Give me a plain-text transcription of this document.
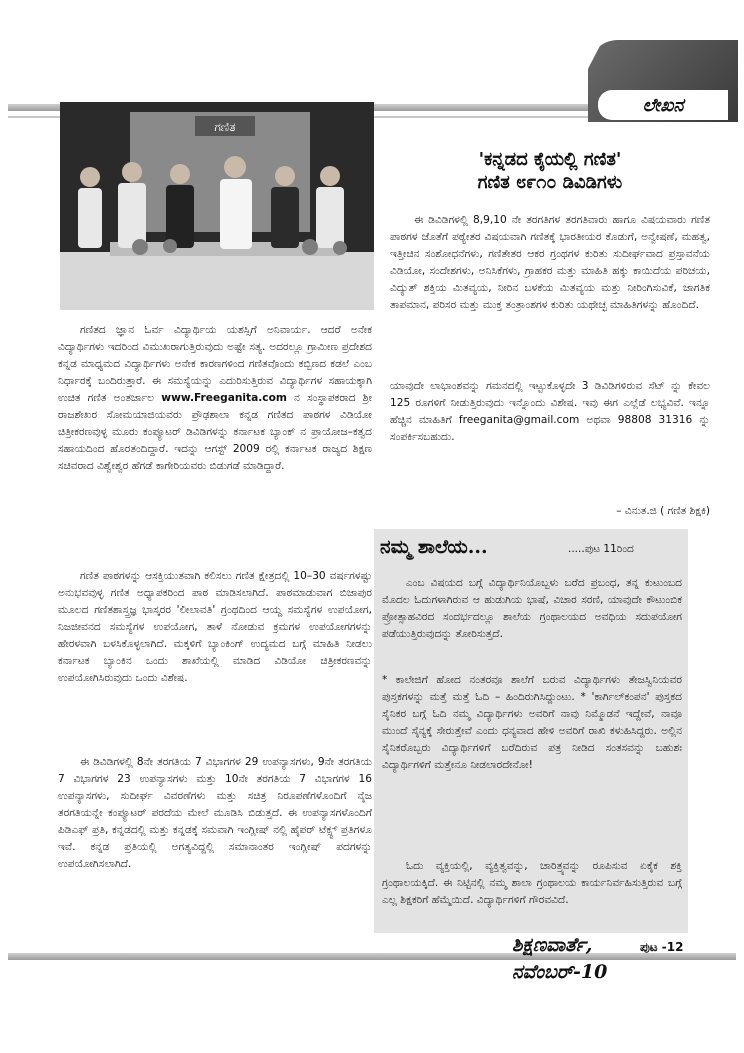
ಲೇಖನ
ಗಣಿತ
'ಕನ್ನಡದ ಕೈಯಲ್ಲಿ ಗಣಿತ'
ಗಣಿತ ೮೯೧೦ ಡಿವಿಡಿಗಳು

ಈ ಡಿವಿಡಿಗಳಲ್ಲಿ 8,9,10 ನೇ ತರಗತಿಗಳ ತರಗತಿವಾರು ಹಾಗೂ ವಿಷಯವಾರು ಗಣಿತ ಪಾಠಗಳ ಜೊತೆಗೆ ಪಠ್ಯೇತರ ವಿಷಯವಾಗಿ ಗಣಿತಕ್ಕೆ ಭಾರತೀಯರ ಕೊಡುಗೆ, ಅನ್ವೇಷಣೆ, ಮಹತ್ವ, ಇತ್ತೀಚಿನ ಸಂಶೋಧನೆಗಳು, ಗಣಿತೇತರ ಆಕರ ಗ್ರಂಥಗಳ ಕುರಿತು ಸುದೀರ್ಘವಾದ ಪ್ರಸ್ತಾವನೆಯ ವಿಡಿಯೋ, ಸಂದೇಶಗಳು, ಅನಿಸಿಕೆಗಳು, ಗ್ರಾಹಕರ ಮತ್ತು ಮಾಹಿತಿ ಹಕ್ಕು ಕಾಯಿದೆಯ ಪರಿಚಯ, ವಿದ್ಯುತ್ ಶಕ್ತಿಯ ಮಿತವ್ಯಯ, ನೀರಿನ ಬಳಕೆಯ ಮಿತವ್ಯಯ ಮತ್ತು ನೀರಿಂಗಿಸುವಿಕೆ, ಜಾಗತಿಕ ತಾಪಮಾನ, ಪರಿಸರ ಮತ್ತು ಮುಕ್ತ ತಂತ್ರಾಂಶಗಳ ಕುರಿತು ಯಥೇಚ್ಛ ಮಾಹಿತಿಗಳನ್ನು ಹೊಂದಿದೆ.

ಯಾವುದೇ ಲಾಭಾಂಶವನ್ನು ಗಮನದಲ್ಲಿ ಇಟ್ಟುಕೊಳ್ಳದೇ 3 ಡಿವಿಡಿಗಳಿರುವ ಸೆಟ್ ನ್ನು ಕೇವಲ 125 ರೂಗಳಿಗೆ ನೀಡುತ್ತಿರುವುದು ಇನ್ನೊಂದು ವಿಶೇಷ. ಇವು ಈಗ ಎಲ್ಲೆಡೆ ಲಭ್ಯವಿವೆ. ಇನ್ನೂ ಹೆಚ್ಚಿನ ಮಾಹಿತಿಗೆ freeganita@gmail.com ಅಥವಾ 98808 31316 ನ್ನು ಸಂಪರ್ಕಿಸಬಹುದು.

– ವಿನುತ.ಜಿ ( ಗಣಿತ ಶಿಕ್ಷಕಿ)

ಗಣಿತದ ಜ್ಞಾನ ಓರ್ವ ವಿದ್ಯಾರ್ಥಿಯ ಯಶಸ್ಸಿಗೆ ಅನಿವಾರ್ಯ. ಆದರೆ ಅನೇಕ ವಿದ್ಯಾರ್ಥಿಗಳು ಇದರಿಂದ ವಿಮುಖರಾಗುತ್ತಿರುವುದು ಅಷ್ಟೇ ಸತ್ಯ. ಅದರಲ್ಲೂ ಗ್ರಾಮೀಣ ಪ್ರದೇಶದ ಕನ್ನಡ ಮಾಧ್ಯಮದ ವಿದ್ಯಾರ್ಥಿಗಳು ಅನೇಕ ಕಾರಣಗಳಿಂದ ಗಣಿತವೊಂದು ಕಬ್ಬಿಣದ ಕಡಲೆ ಎಂಬ ನಿರ್ಧಾರಕ್ಕೆ ಬಂದಿರುತ್ತಾರೆ. ಈ ಸಮಸ್ಯೆಯನ್ನು ಎದುರಿಸುತ್ತಿರುವ ವಿದ್ಯಾರ್ಥಿಗಳ ಸಹಾಯಕ್ಕಾಗಿ ಉಚಿತ ಗಣಿತ ಅಂತರ್ಜಾಲ www.Freeganita.com ನ ಸಂಸ್ಥಾಪಕರಾದ ಶ್ರೀ ರಾಜಶೇಖರ ಸೋಮಯಾಜಿಯವರು ಪ್ರೌಢಶಾಲಾ ಕನ್ನಡ ಗಣಿತದ ಪಾಠಗಳ ವಿಡಿಯೋ ಚಿತ್ರೀಕರಣವುಳ್ಳ ಮೂರು ಕಂಪ್ಯೂಟರ್ ಡಿವಿಡಿಗಳನ್ನು ಕರ್ನಾಟಕ ಬ್ಯಾಂಕ್ ನ ಪ್ರಾಯೋಜ–ಕತ್ವದ ಸಹಾಯದಿಂದ ಹೊರತಂದಿದ್ದಾರೆ. ಇದನ್ನು ಆಗಸ್ಟ್ 2009 ರಲ್ಲಿ ಕರ್ನಾಟಕ ರಾಜ್ಯದ ಶಿಕ್ಷಣ ಸಚಿವರಾದ ವಿಶ್ವೇಶ್ವರ ಹೆಗಡೆ ಕಾಗೇರಿಯವರು ಬಿಡುಗಡೆ ಮಾಡಿದ್ದಾರೆ.

ಗಣಿತ ಪಾಠಗಳನ್ನು ಆಸಕ್ತಿಯುತವಾಗಿ ಕಲಿಸಲು ಗಣಿತ ಕ್ಷೇತ್ರದಲ್ಲಿ 10–30 ವರ್ಷಗಳಷ್ಟು ಅನುಭವವುಳ್ಳ ಗಣಿತ ಅಧ್ಯಾಪಕರಿಂದ ಪಾಠ ಮಾಡಿಸಲಾಗಿದೆ. ಪಾಠಮಾಡುವಾಗ ಬಿಜಾಪುರ ಮೂಲದ ಗಣಿತಶಾಸ್ತ್ರಜ್ಞ ಭಾಸ್ಕರರ 'ಲೀಲಾವತಿ' ಗ್ರಂಥದಿಂದ ಆಯ್ದ ಸಮಸ್ಯೆಗಳ ಉಪಯೋಗ, ನಿಜಜೀವನದ ಸಮಸ್ಯೆಗಳ ಉಪಯೋಗ, ತಾಳೆ ನೋಡುವ ಕ್ರಮಗಳ ಉಪಯೋಗಗಳನ್ನು ಹೇರಳವಾಗಿ ಬಳಸಿಕೊಳ್ಳಲಾಗಿದೆ. ಮಕ್ಕಳಿಗೆ ಬ್ಯಾಂಕಿಂಗ್ ಉದ್ಯಮದ ಬಗ್ಗೆ ಮಾಹಿತಿ ನೀಡಲು ಕರ್ನಾಟಕ ಬ್ಯಾಂಕಿನ ಒಂದು ಶಾಖೆಯಲ್ಲಿ ಮಾಡಿದ ವಿಡಿಯೋ ಚಿತ್ರೀಕರಣವನ್ನು ಉಪಯೋಗಿಸಿರುವುದು ಒಂದು ವಿಶೇಷ.

ಈ ಡಿವಿಡಿಗಳಲ್ಲಿ 8ನೇ ತರಗತಿಯ 7 ವಿಭಾಗಗಳ 29 ಉಪನ್ಯಾಸಗಳು, 9ನೇ ತರಗತಿಯ 7 ವಿಭಾಗಗಳ 23 ಉಪನ್ಯಾಸಗಳು ಮತ್ತು 10ನೇ ತರಗತಿಯ 7 ವಿಭಾಗಗಳ 16 ಉಪನ್ಯಾಸಗಳು, ಸುದೀರ್ಘ ವಿವರಣೆಗಳು ಮತ್ತು ಸಚಿತ್ರ ನಿರೂಪಣೆಗಳೊಂದಿಗೆ ನೈಜ ತರಗತಿಯನ್ನೇ ಕಂಪ್ಯೂಟರ್ ಪರದೆಯ ಮೇಲೆ ಮೂಡಿಸಿ ಬಿಡುತ್ತದೆ. ಈ ಉಪನ್ಯಾಸಗಳೊಂದಿಗೆ ಪಿಡಿಎಫ್ ಪ್ರತಿ, ಕನ್ನಡದಲ್ಲಿ ಮತ್ತು ಕನ್ನಡಕ್ಕೆ ಸಮವಾಗಿ ಇಂಗ್ಲೀಷ್ ನಲ್ಲಿ ಹೈಪರ್ ಟೆಕ್ಸ್ಟ್ ಪ್ರತಿಗಳೂ ಇವೆ. ಕನ್ನಡ ಪ್ರತಿಯಲ್ಲಿ ಅಗತ್ಯವಿದ್ದಲ್ಲಿ ಸಮಾನಾಂತರ ಇಂಗ್ಲೀಷ್ ಪದಗಳನ್ನು ಉಪಯೋಗಿಸಲಾಗಿದೆ.

ನಮ್ಮ ಶಾಲೆಯ...	.....ಪುಟ 11ರಿಂದ

ಎಂಬ ವಿಷಯದ ಬಗ್ಗೆ ವಿದ್ಯಾರ್ಥಿನಿಯೊಬ್ಬಳು ಬರೆದ ಪ್ರಬಂಧ, ತನ್ನ ಕುಟುಂಬದ ಮೊದಲ ಓದುಗಳಾಗಿರುವ ಆ ಹುಡುಗಿಯ ಭಾಷೆ, ವಿಚಾರ ಸರಣಿ, ಯಾವುದೇ ಕೌಟುಂಬಿಕ ಪ್ರೋತ್ಸಾಹವಿರದ ಸಂದರ್ಭದಲ್ಲೂ ಶಾಲೆಯ ಗ್ರಂಥಾಲಯದ ಅವಧಿಯ ಸದುಪಯೋಗ ಪಡೆಯುತ್ತಿರುವುದನ್ನು ತೋರಿಸುತ್ತದೆ.

* ಕಾಲೇಜಿಗೆ ಹೋದ ನಂತರವೂ ಶಾಲೆಗೆ ಬರುವ ವಿದ್ಯಾರ್ಥಿಗಳು ತೇಜಸ್ವಿನಿಯವರ ಪುಸ್ತಕಗಳನ್ನು ಮತ್ತೆ ಮತ್ತೆ ಓದಿ – ಹಿಂದಿರುಗಿಸಿದ್ದುಂಟು. * 'ಕಾರ್ಗಿಲ್‌ಕಂಪನ' ಪುಸ್ತಕದ ಸೈನಿಕರ ಬಗ್ಗೆ ಓದಿ ನಮ್ಮ ವಿದ್ಯಾರ್ಥಿಗಳು ಅವರಿಗೆ ನಾವು ನಿಮ್ಮೊಡನೆ ಇದ್ದೇವೆ, ನಾವೂ ಮುಂದೆ ಸೈನ್ಯಕ್ಕೆ ಸೇರುತ್ತೇವೆ ಎಂದು ಧನ್ಯವಾದ ಹೇಳಿ ಅವರಿಗೆ ರಾಖಿ ಕಳುಹಿಸಿದ್ದರು. ಅಲ್ಲಿನ ಸೈನಿಕರೊಬ್ಬರು ವಿದ್ಯಾರ್ಥಿಗಳಿಗೆ ಬರೆದಿರುವ ಪತ್ರ ನೀಡಿದ ಸಂತಸವನ್ನು ಬಹುಶಃ ವಿದ್ಯಾರ್ಥಿಗಳಿಗೆ ಮತ್ತೇನೂ ನೀಡಲಾರದೇನೋ!

ಓದು ವ್ಯಕ್ತಿಯಲ್ಲಿ, ವ್ಯಕ್ತಿತ್ವವನ್ನು, ಚಾರಿತ್ರ್ಯವನ್ನು ರೂಪಿಸುವ ಏಕೈಕ ಶಕ್ತಿ ಗ್ರಂಥಾಲಯಕ್ಕಿದೆ. ಈ ನಿಟ್ಟಿನಲ್ಲಿ ನಮ್ಮ ಶಾಲಾ ಗ್ರಂಥಾಲಯ ಕಾರ್ಯನಿರ್ವಹಿಸುತ್ತಿರುವ ಬಗ್ಗೆ ಎಲ್ಲ ಶಿಕ್ಷಕರಿಗೆ ಹೆಮ್ಮೆಯಿದೆ. ವಿದ್ಯಾರ್ಥಿಗಳಿಗೆ ಗೌರವವಿದೆ.

ಶಿಕ್ಷಣವಾರ್ತೆ,
ನವೆಂಬರ್-10
ಪುಟ -12
